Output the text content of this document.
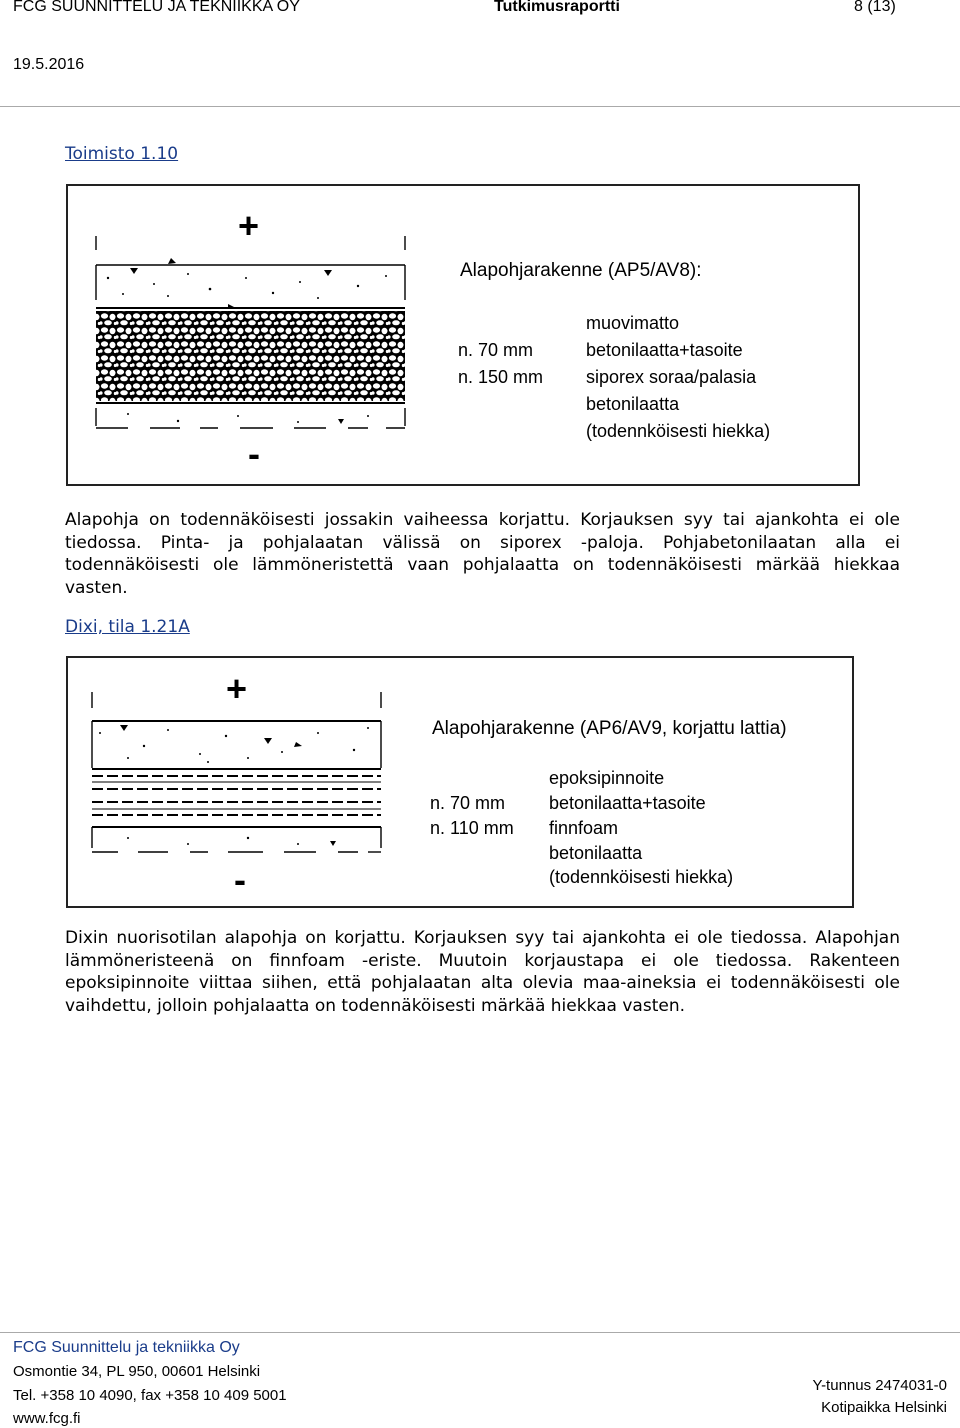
FCG SUUNNITTELU JA TEKNIIKKA OY	Tutkimusraportti	8 (13)
19.5.2016
Toimisto 1.10
+
-
Alapohjarakenne (AP5/AV8):
n. 70 mm
n. 150 mm
muovimatto
betonilaatta+tasoite
siporex soraa/palasia
betonilaatta
(todennköisesti hiekka)
Alapohja on todennäköisesti jossakin vaiheessa korjattu. Korjauksen syy tai ajankohta ei ole tiedossa. Pinta- ja pohjalaatan välissä on siporex -paloja. Pohjabetonilaatan alla ei todennäköisesti ole lämmöneristettä vaan pohjalaatta on todennäköisesti märkää hiekkaa vasten.
Dixi, tila 1.21A
+
-
Alapohjarakenne (AP6/AV9, korjattu lattia)
n. 70 mm
n. 110 mm
epoksipinnoite
betonilaatta+tasoite
finnfoam
betonilaatta
(todennköisesti hiekka)
Dixin nuorisotilan alapohja on korjattu. Korjauksen syy tai ajankohta ei ole tiedossa. Alapohjan lämmöneristeenä on finnfoam -eriste. Muutoin korjaustapa ei ole tiedossa. Rakenteen epoksipinnoite viittaa siihen, että pohjalaatan alta olevia maa-aineksia ei todennäköisesti ole vaihdettu, jolloin pohjalaatta on todennäköisesti märkää hiekkaa vasten.
FCG Suunnittelu ja tekniikka Oy
Osmontie 34, PL 950, 00601 Helsinki
Tel. +358 10 4090, fax +358 10 409 5001
www.fcg.fi
Y-tunnus 2474031-0
Kotipaikka Helsinki
